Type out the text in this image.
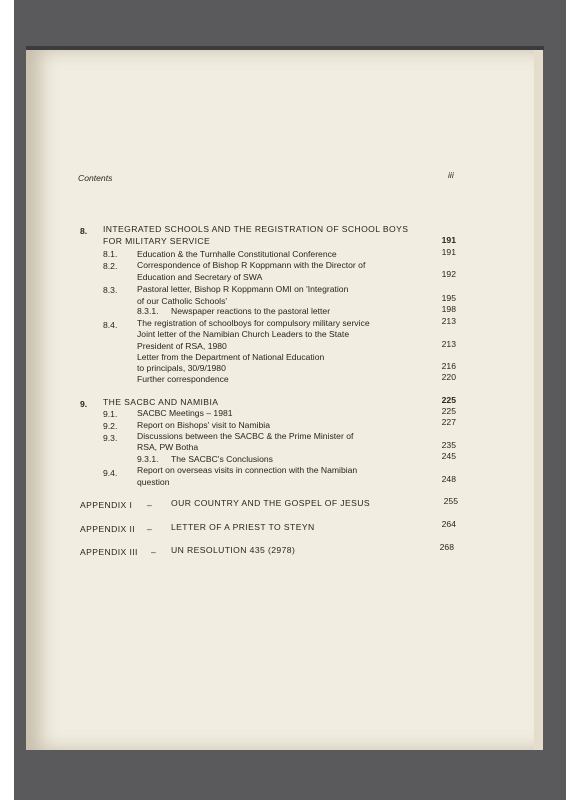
Contents	iii
8. INTEGRATED SCHOOLS AND THE REGISTRATION OF SCHOOL BOYS
FOR MILITARY SERVICE	191
8.1. Education & the Turnhalle Constitutional Conference	191
8.2. Correspondence of Bishop R Koppmann with the Director of
Education and Secretary of SWA	192
8.3. Pastoral letter, Bishop R Koppmann OMI on 'Integration
of our Catholic Schools'	195
8.3.1. Newspaper reactions to the pastoral letter	198
8.4. The registration of schoolboys for compulsory military service	213
Joint letter of the Namibian Church Leaders to the State
President of RSA, 1980	213
Letter from the Department of National Education
to principals, 30/9/1980	216
Further correspondence	220
9. THE SACBC AND NAMIBIA	225
9.1. SACBC Meetings – 1981	225
9.2. Report on Bishops' visit to Namibia	227
9.3. Discussions between the SACBC & the Prime Minister of
RSA, PW Botha	235
9.3.1. The SACBC's Conclusions	245
9.4. Report on overseas visits in connection with the Namibian
question	248
APPENDIX I – OUR COUNTRY AND THE GOSPEL OF JESUS	255
APPENDIX II – LETTER OF A PRIEST TO STEYN	264
APPENDIX III – UN RESOLUTION 435 (2978)	268
